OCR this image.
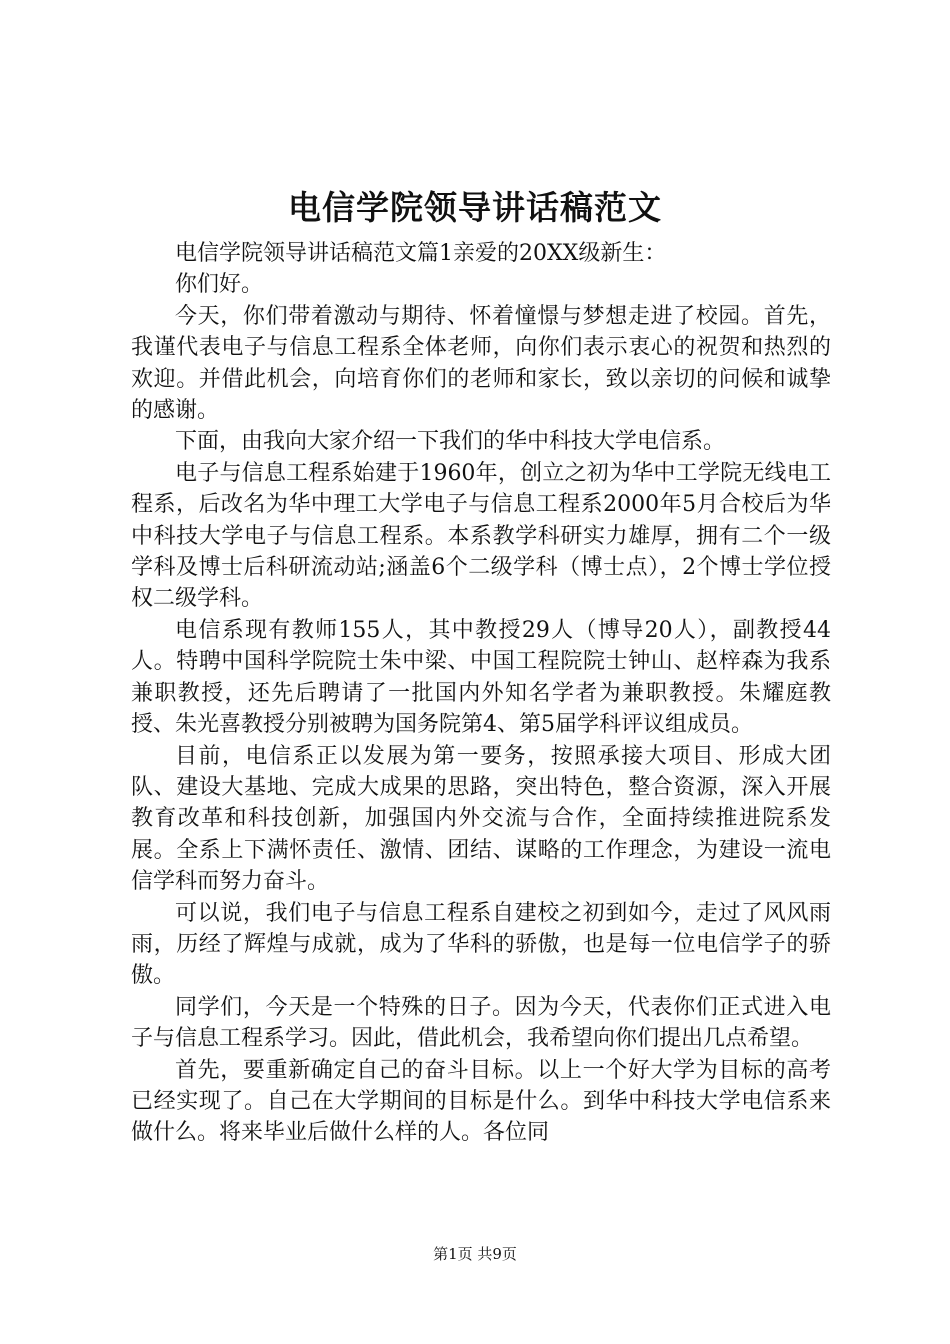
电信学院领导讲话稿范文

电信学院领导讲话稿范文篇1亲爱的20XX级新生：

你们好。

今天，你们带着激动与期待、怀着憧憬与梦想走进了校园。首先，我谨代表电子与信息工程系全体老师，向你们表示衷心的祝贺和热烈的欢迎。并借此机会，向培育你们的老师和家长，致以亲切的问候和诚挚的感谢。

下面，由我向大家介绍一下我们的华中科技大学电信系。

电子与信息工程系始建于1960年，创立之初为华中工学院无线电工程系，后改名为华中理工大学电子与信息工程系2000年5月合校后为华中科技大学电子与信息工程系。本系教学科研实力雄厚，拥有二个一级学科及博士后科研流动站;涵盖6个二级学科（博士点），2个博士学位授权二级学科。

电信系现有教师155人，其中教授29人（博导20人），副教授44人。特聘中国科学院院士朱中梁、中国工程院院士钟山、赵梓森为我系兼职教授，还先后聘请了一批国内外知名学者为兼职教授。朱耀庭教授、朱光喜教授分别被聘为国务院第4、第5届学科评议组成员。

目前，电信系正以发展为第一要务，按照承接大项目、形成大团队、建设大基地、完成大成果的思路，突出特色，整合资源，深入开展教育改革和科技创新，加强国内外交流与合作，全面持续推进院系发展。全系上下满怀责任、激情、团结、谋略的工作理念，为建设一流电信学科而努力奋斗。

可以说，我们电子与信息工程系自建校之初到如今，走过了风风雨雨，历经了辉煌与成就，成为了华科的骄傲，也是每一位电信学子的骄傲。

同学们，今天是一个特殊的日子。因为今天，代表你们正式进入电子与信息工程系学习。因此，借此机会，我希望向你们提出几点希望。

首先，要重新确定自己的奋斗目标。以上一个好大学为目标的高考已经实现了。自己在大学期间的目标是什么。到华中科技大学电信系来做什么。将来毕业后做什么样的人。各位同

第1页 共9页
